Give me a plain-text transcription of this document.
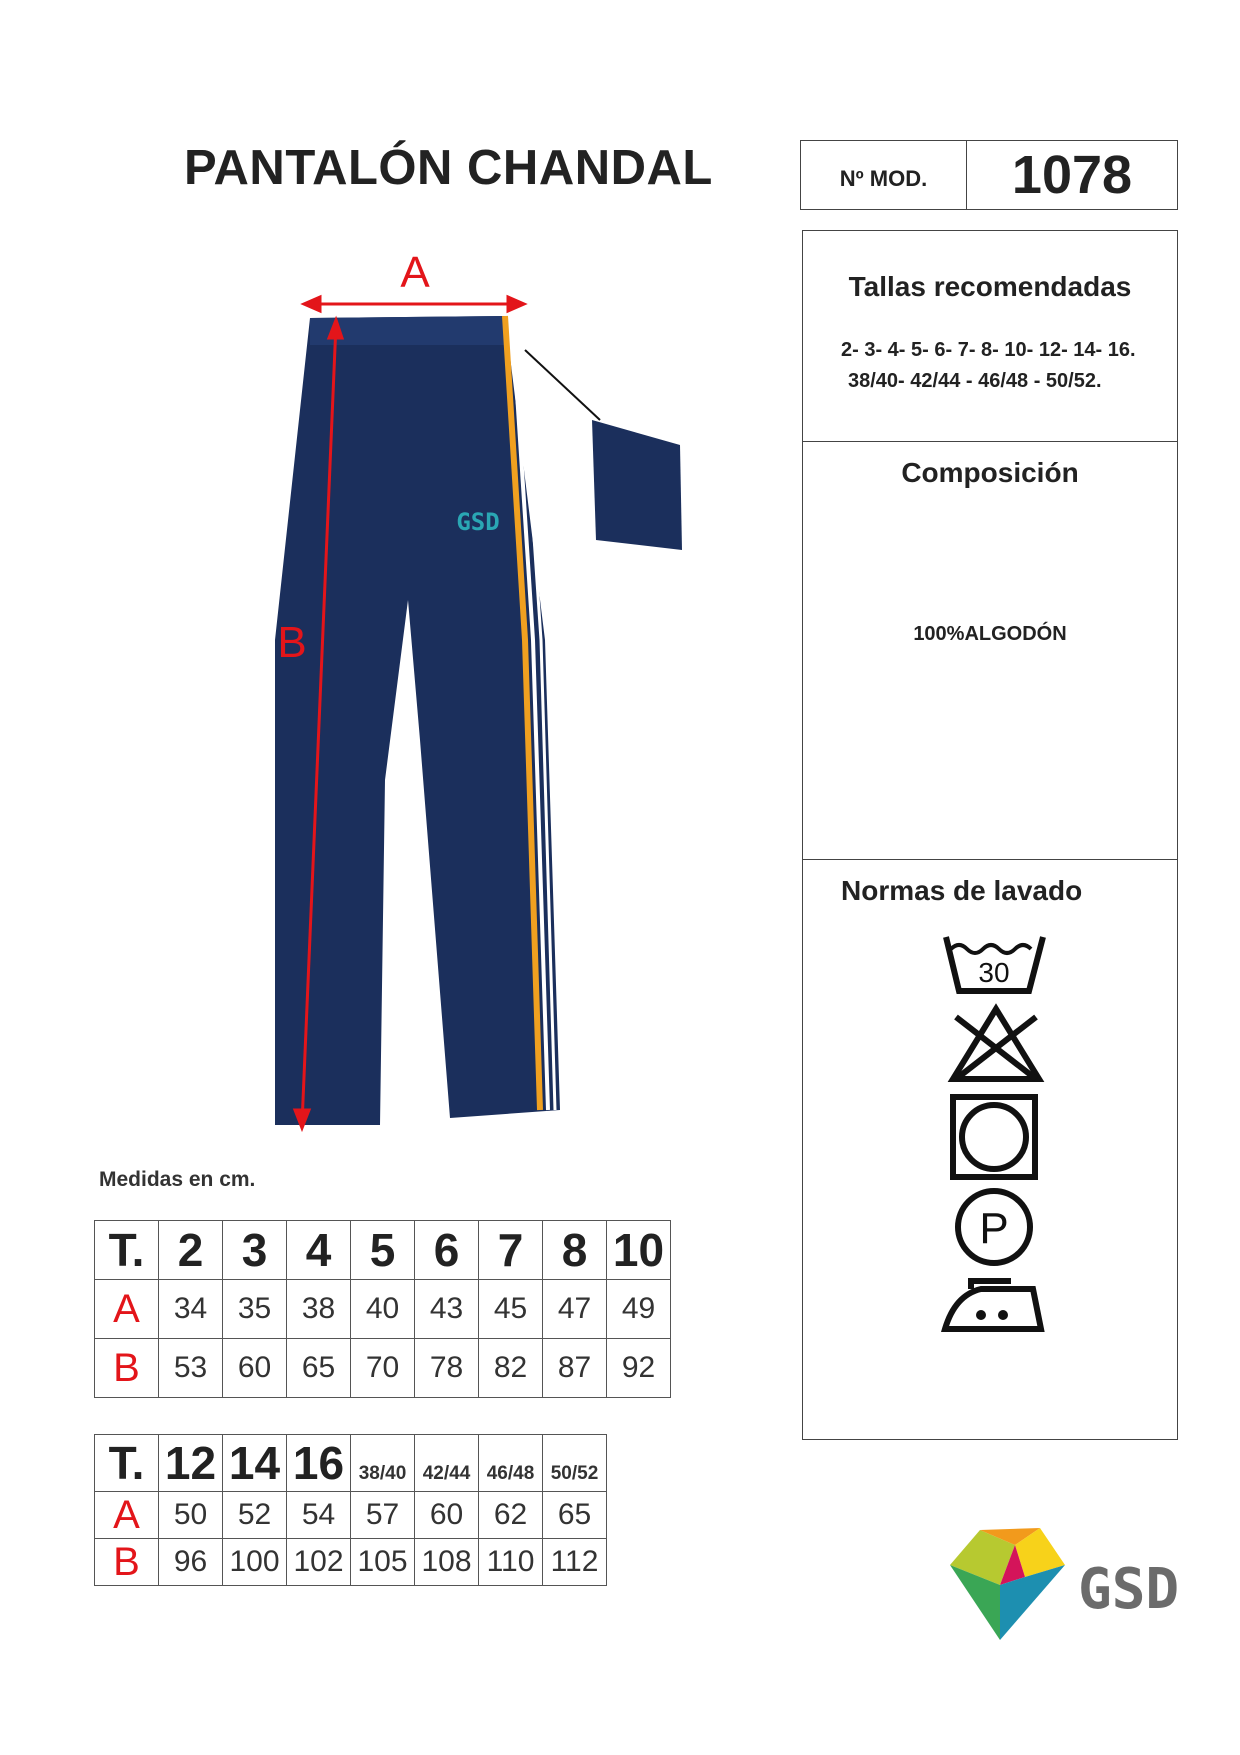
PANTALÓN CHANDAL	Nº MOD.	1078
Tallas recomendadas
2- 3- 4- 5- 6- 7- 8- 10- 12- 14- 16.
38/40- 42/44 - 46/48 - 50/52.
Composición
100%ALGODÓN
Normas de lavado
30
P
GSD
A
B
Medidas en cm.
T.	2	3	4	5	6	7	8	10
A	34	35	38	40	43	45	47	49
B	53	60	65	70	78	82	87	92
T.	12	14	16	38/40	42/44	46/48	50/52
A	50	52	54	57	60	62	65
B	96	100	102	105	108	110	112	GSD
